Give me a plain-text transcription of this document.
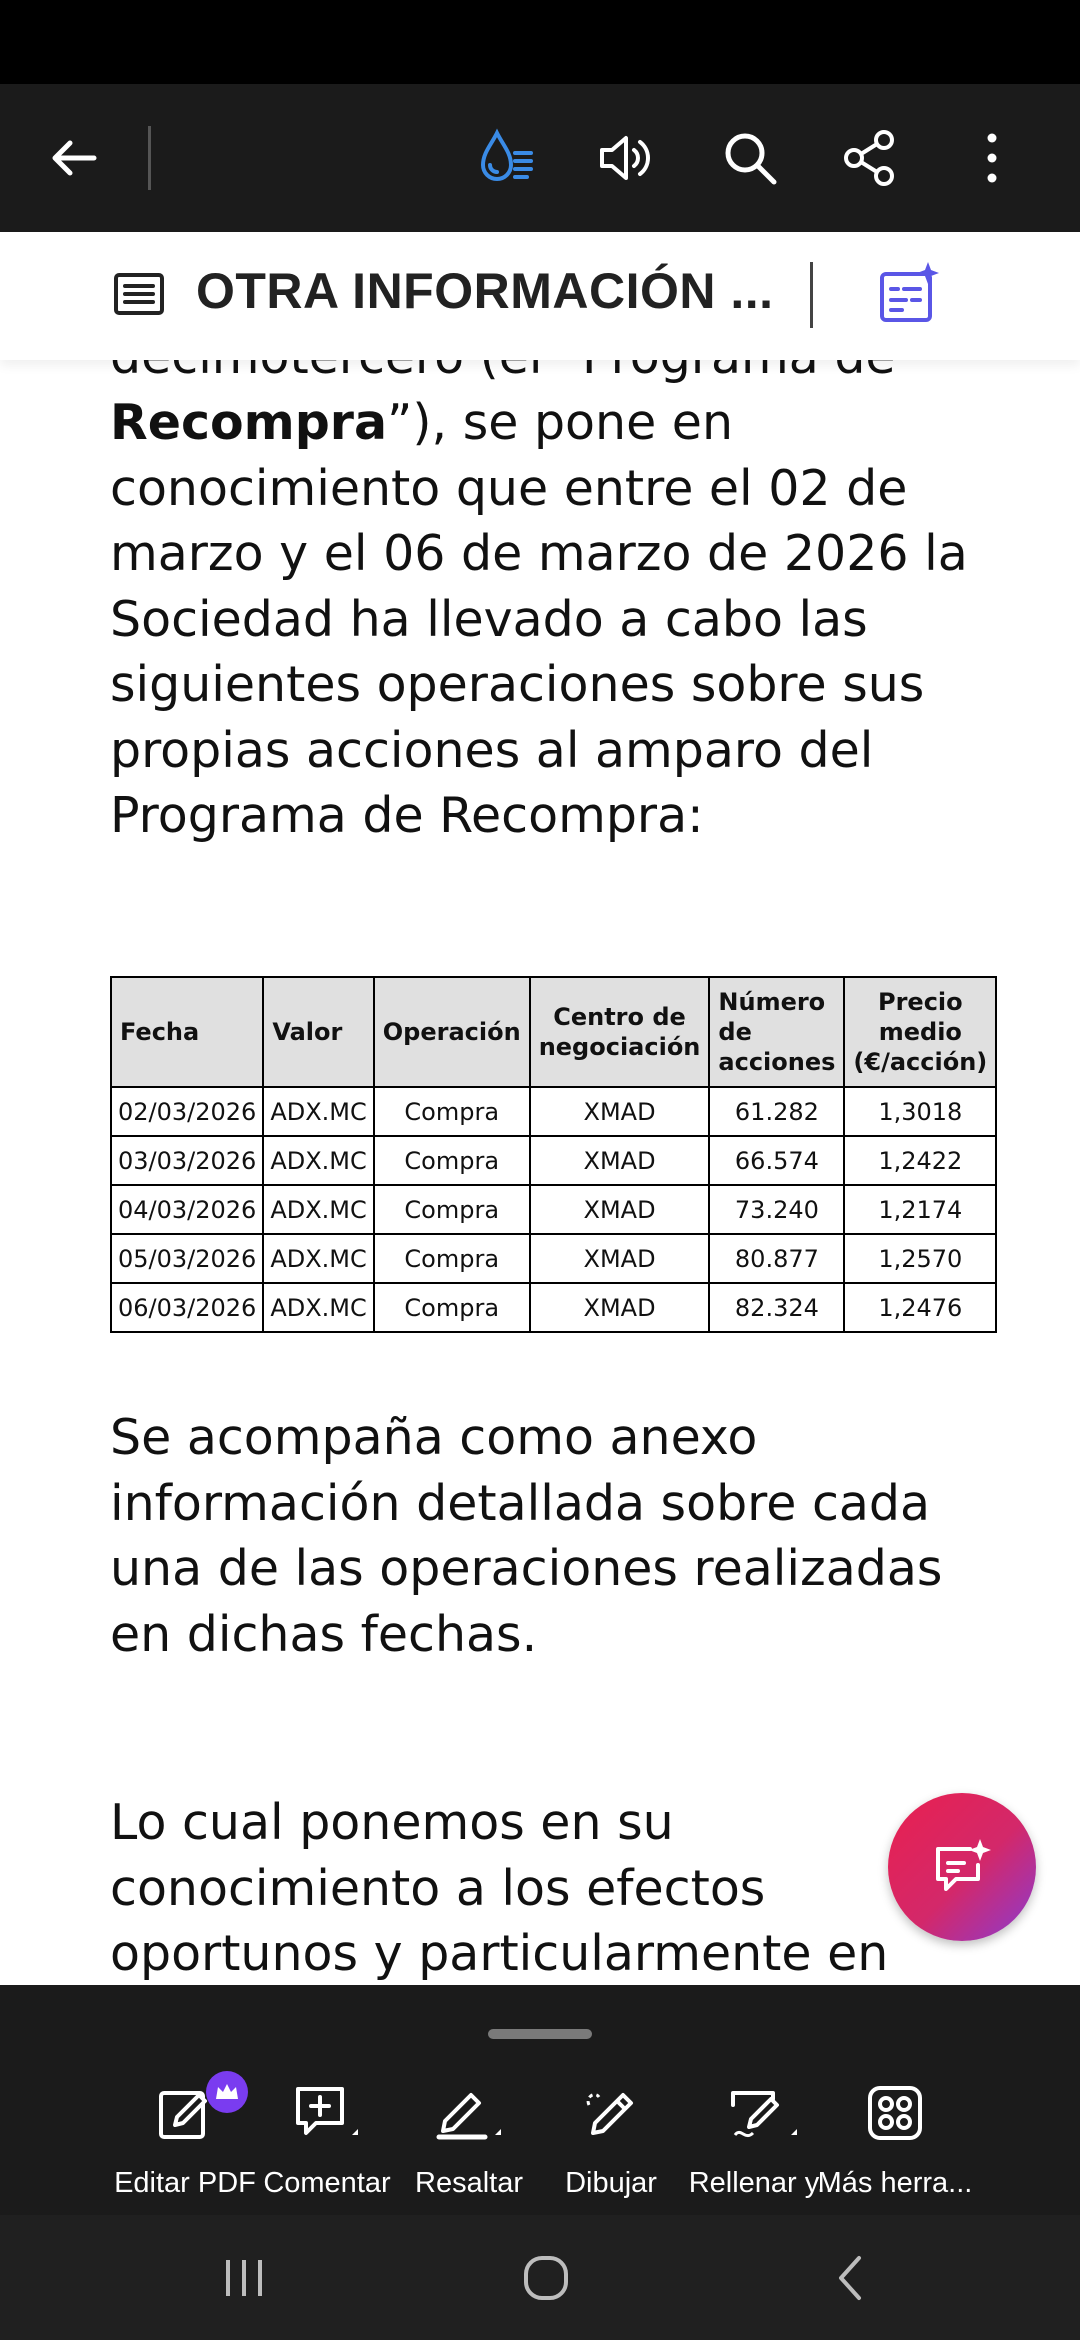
OTRA INFORMACIÓN ...
Recompra”), se pone en conocimiento que entre el 02 de marzo y el 06 de marzo de 2026 la Sociedad ha llevado a cabo las siguientes operaciones sobre sus propias acciones al amparo del Programa de Recompra:
Fecha	Valor	Operación	Centro de negociación	Número de acciones	Precio medio (€/acción)
02/03/2026	ADX.MC	Compra	XMAD	61.282	1,3018
03/03/2026	ADX.MC	Compra	XMAD	66.574	1,2422
04/03/2026	ADX.MC	Compra	XMAD	73.240	1,2174
05/03/2026	ADX.MC	Compra	XMAD	80.877	1,2570
06/03/2026	ADX.MC	Compra	XMAD	82.324	1,2476
Se acompaña como anexo información detallada sobre cada una de las operaciones realizadas en dichas fechas.
Lo cual ponemos en su conocimiento a los efectos oportunos y particularmente en
Editar PDF Comentar Resaltar	Dibujar	Rellenar y...
Más herra...
